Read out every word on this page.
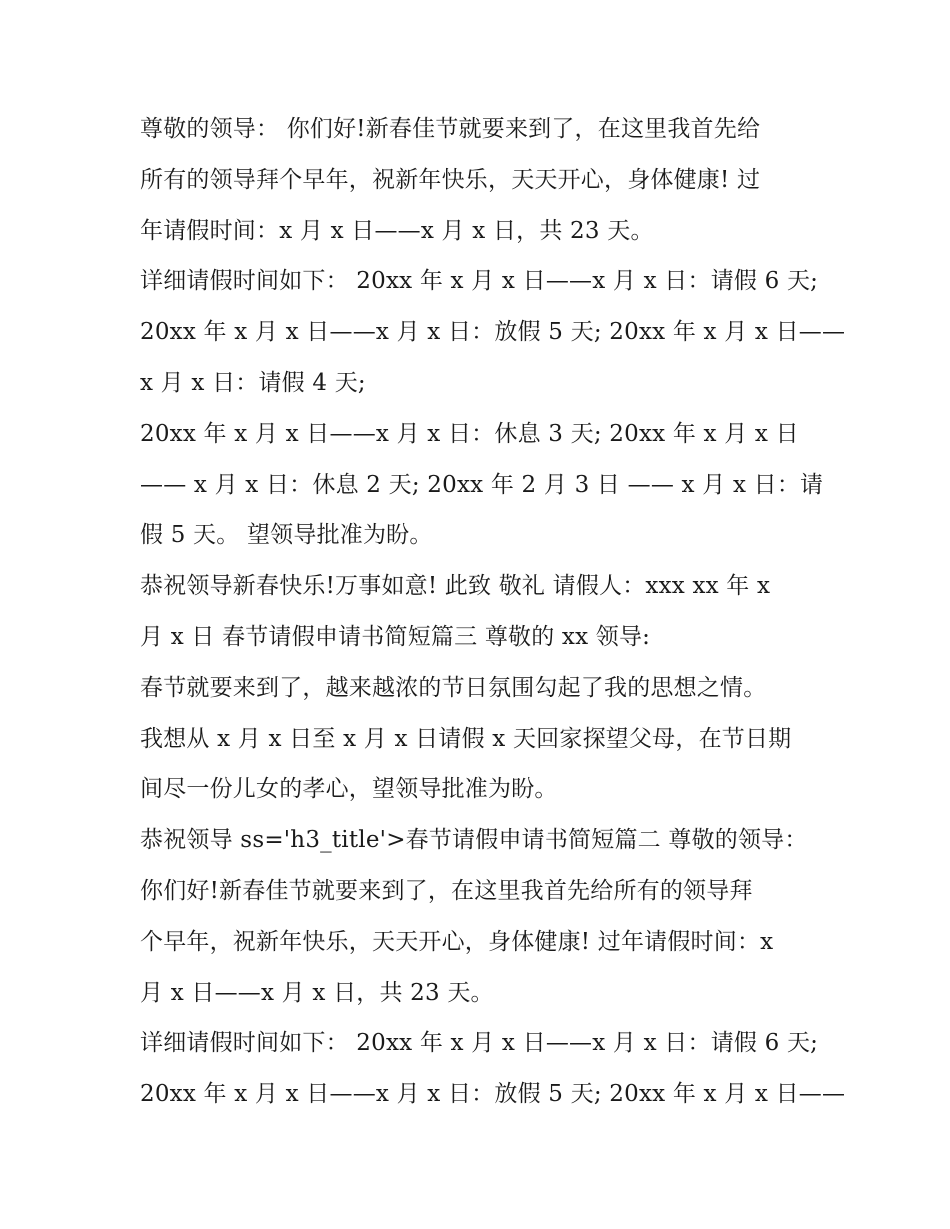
尊敬的领导： 你们好!新春佳节就要来到了，在这里我首先给
所有的领导拜个早年，祝新年快乐，天天开心，身体健康! 过
年请假时间：x 月 x 日——x 月 x 日，共 23 天。
详细请假时间如下： 20xx 年 x 月 x 日——x 月 x 日：请假 6 天;
20xx 年 x 月 x 日——x 月 x 日：放假 5 天; 20xx 年 x 月 x 日——
x 月 x 日：请假 4 天;
20xx 年 x 月 x 日——x 月 x 日：休息 3 天; 20xx 年 x 月 x 日
—— x 月 x 日：休息 2 天; 20xx 年 2 月 3 日 —— x 月 x 日：请
假 5 天。 望领导批准为盼。
恭祝领导新春快乐!万事如意! 此致 敬礼 请假人：xxx xx 年 x
月 x 日 春节请假申请书简短篇三 尊敬的 xx 领导:
春节就要来到了，越来越浓的节日氛围勾起了我的思想之情。
我想从 x 月 x 日至 x 月 x 日请假 x 天回家探望父母，在节日期
间尽一份儿女的孝心，望领导批准为盼。
恭祝领导 ss='h3_title'>春节请假申请书简短篇二 尊敬的领导：
你们好!新春佳节就要来到了，在这里我首先给所有的领导拜
个早年，祝新年快乐，天天开心，身体健康! 过年请假时间：x
月 x 日——x 月 x 日，共 23 天。
详细请假时间如下： 20xx 年 x 月 x 日——x 月 x 日：请假 6 天;
20xx 年 x 月 x 日——x 月 x 日：放假 5 天; 20xx 年 x 月 x 日——
